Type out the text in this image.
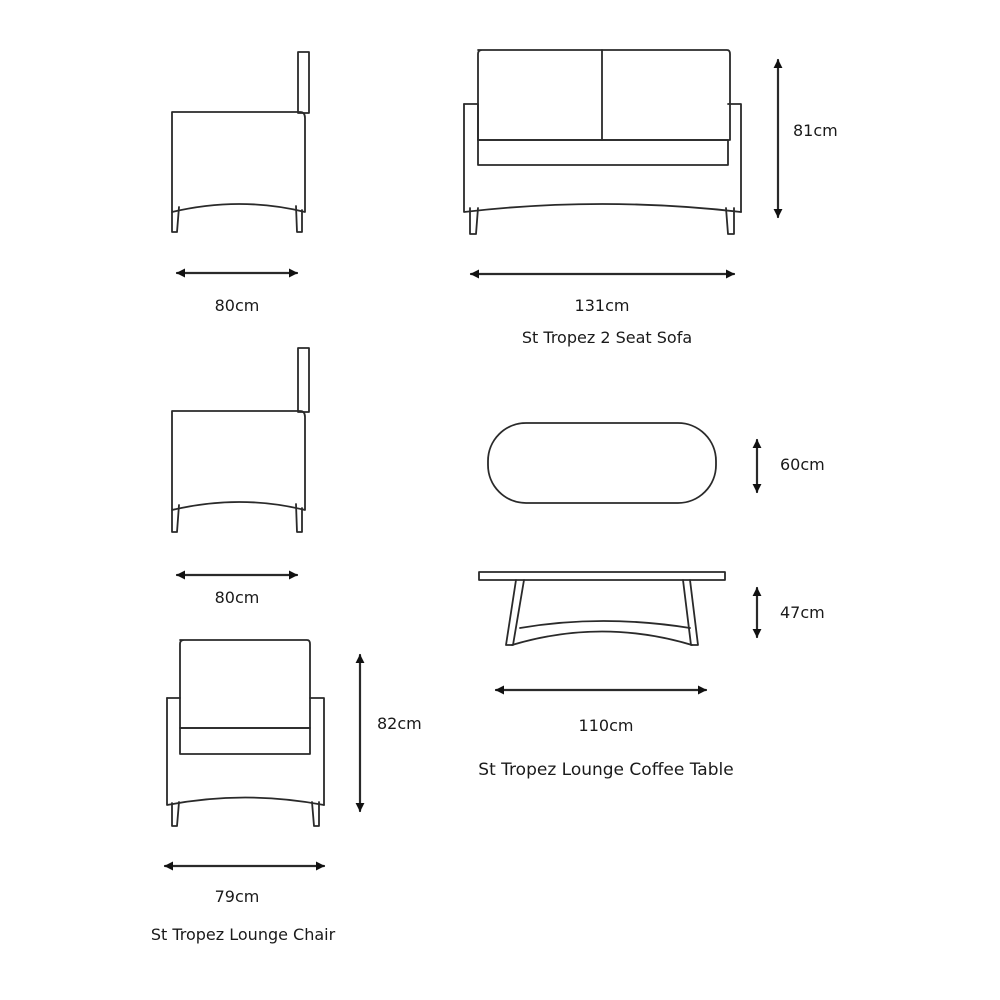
80cm	131cm
81cm
80cm
60cm
47cm
110cm
82cm
79cm
St Tropez 2 Seat Sofa
St Tropez Lounge Coffee Table
St Tropez Lounge Chair
